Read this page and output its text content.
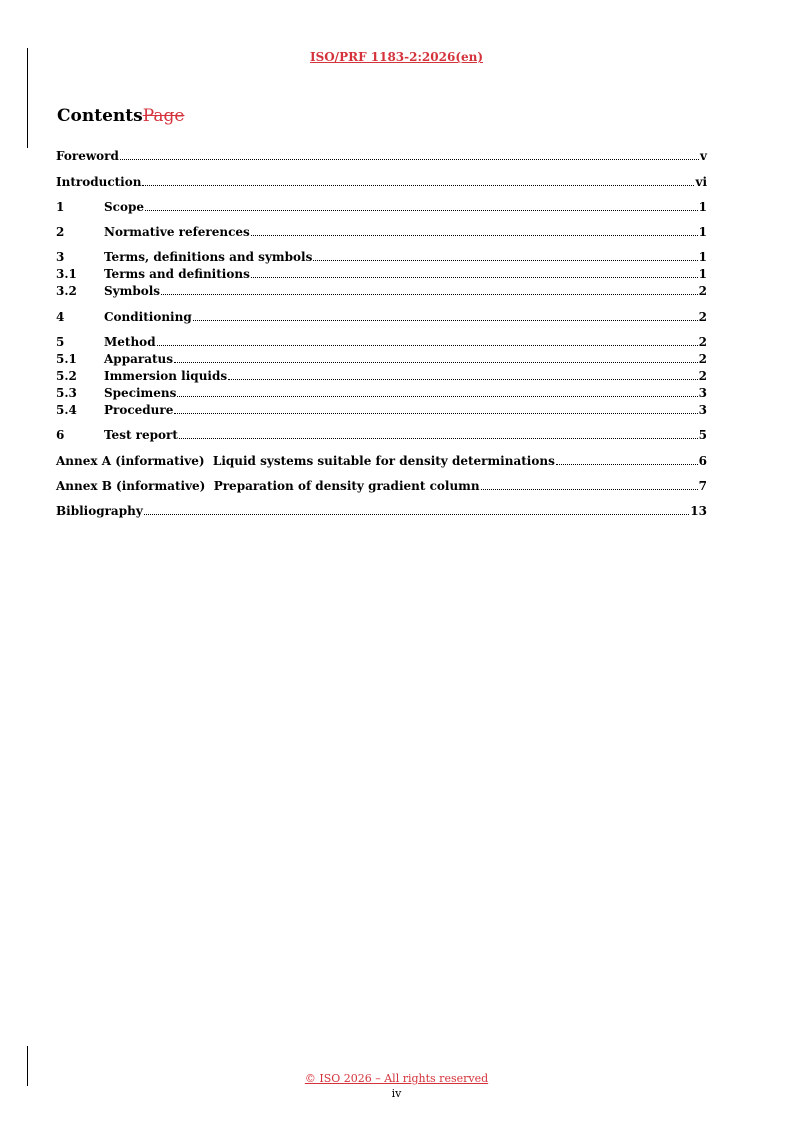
ISO/PRF 1183-2:2026(en)
ContentsPage
Foreword	v
Introduction	vi
1	Scope	1
2	Normative references	1
3	Terms, definitions and symbols	1
3.1	Terms and definitions	1
3.2	Symbols	2
4	Conditioning	2
5	Method	2
5.1	Apparatus	2
5.2	Immersion liquids	2
5.3	Specimens	3
5.4	Procedure	3
6	Test report	5
Annex A (informative)  Liquid systems suitable for density determinations	6
Annex B (informative)  Preparation of density gradient column	7
Bibliography	13
© ISO 2026 – All rights reserved
iv
